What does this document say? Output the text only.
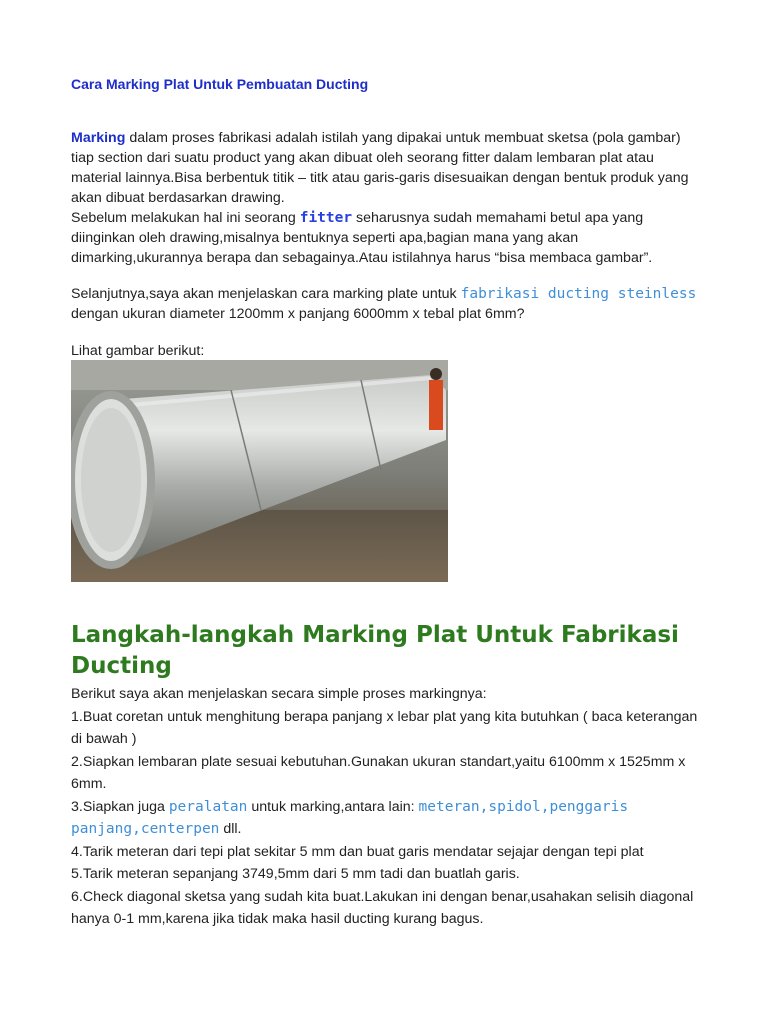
Cara Marking Plat Untuk Pembuatan Ducting

Marking dalam proses fabrikasi adalah istilah yang dipakai untuk membuat sketsa (pola gambar) tiap section dari suatu product yang akan dibuat oleh seorang fitter dalam lembaran plat atau material lainnya.Bisa berbentuk titik – titk atau garis-garis disesuaikan dengan bentuk produk yang akan dibuat berdasarkan drawing.
Sebelum melakukan hal ini seorang fitter seharusnya sudah memahami betul apa yang diinginkan oleh drawing,misalnya bentuknya seperti apa,bagian mana yang akan dimarking,ukurannya berapa dan sebagainya.Atau istilahnya harus “bisa membaca gambar”.

Selanjutnya,saya akan menjelaskan cara marking plate untuk fabrikasi ducting steinless dengan ukuran diameter 1200mm x panjang 6000mm x tebal plat 6mm?

Lihat gambar berikut:

Langkah-langkah Marking Plat Untuk Fabrikasi Ducting
Berikut saya akan menjelaskan secara simple proses markingnya:
1.Buat coretan untuk menghitung berapa panjang x lebar plat yang kita butuhkan ( baca keterangan di bawah )
2.Siapkan lembaran plate sesuai kebutuhan.Gunakan ukuran standart,yaitu 6100mm x 1525mm x 6mm.
3.Siapkan juga peralatan untuk marking,antara lain: meteran,spidol,penggaris panjang,centerpen dll.
4.Tarik meteran dari tepi plat sekitar 5 mm dan buat garis mendatar sejajar dengan tepi plat
5.Tarik meteran sepanjang 3749,5mm dari 5 mm tadi dan buatlah garis.
6.Check diagonal sketsa yang sudah kita buat.Lakukan ini dengan benar,usahakan selisih diagonal hanya 0-1 mm,karena jika tidak maka hasil ducting kurang bagus.
